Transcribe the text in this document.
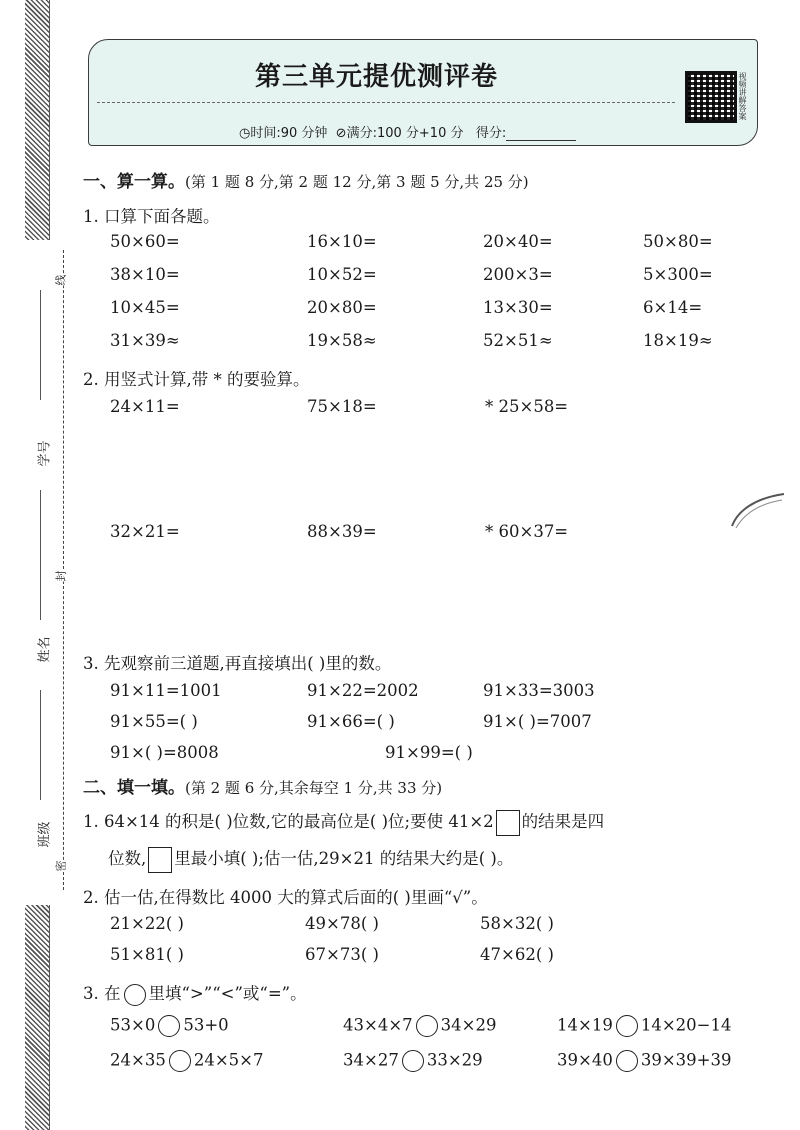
线
封
密
学号
姓名
班级
第三单元提优测评卷
◷时间:90 分钟 ⊘满分:100 分+10 分 得分:
视频讲解答案
一、算一算。(第 1 题 8 分,第 2 题 12 分,第 3 题 5 分,共 25 分)
1. 口算下面各题。
50×60=	16×10=	20×40=	50×80=
38×10=	10×52=	200×3=	5×300=
10×45=	20×80=	13×30=	6×14=
31×39≈	19×58≈	52×51≈	18×19≈
2. 用竖式计算,带 * 的要验算。
24×11=	75×18=	* 25×58=
32×21=	88×39=	* 60×37=
3. 先观察前三道题,再直接填出( )里的数。
91×11=1001	91×22=2002	91×33=3003
91×55=( )	91×66=( )	91×( )=7007
91×( )=8008	91×99=( )
二、填一填。(第 2 题 6 分,其余每空 1 分,共 33 分)
1. 64×14 的积是( )位数,它的最高位是( )位;要使 41×2 的结果是四
位数, 里最小填( );估一估,29×21 的结果大约是( )。
2. 估一估,在得数比 4000 大的算式后面的( )里画“√”。
21×22( )	49×78( )	58×32( )
51×81( )	67×73( )	47×62( )
3. 在 里填“>”“<”或“=”。
53×0 53+0	43×4×7 34×29	14×19 14×20−14
24×35 24×5×7	34×27 33×29	39×40 39×39+39
